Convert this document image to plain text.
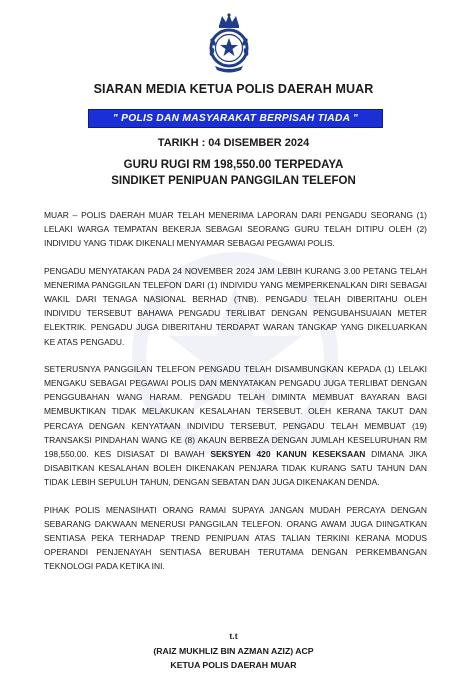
SIARAN MEDIA KETUA POLIS DAERAH MUAR
" POLIS DAN MASYARAKAT BERPISAH TIADA "
TARIKH : 04 DISEMBER 2024
GURU RUGI RM 198,550.00 TERPEDAYA
SINDIKET PENIPUAN PANGGILAN TELEFON

MUAR – POLIS DAERAH MUAR TELAH MENERIMA LAPORAN DARI PENGADU SEORANG (1) LELAKI WARGA TEMPATAN BEKERJA SEBAGAI SEORANG GURU TELAH DITIPU OLEH (2) INDIVIDU YANG TIDAK DIKENALI MENYAMAR SEBAGAI PEGAWAI POLIS.

PENGADU MENYATAKAN PADA 24 NOVEMBER 2024 JAM LEBIH KURANG 3.00 PETANG TELAH MENERIMA PANGGILAN TELEFON DARI (1) INDIVIDU YANG MEMPERKENALKAN DIRI SEBAGAI WAKIL DARI TENAGA NASIONAL BERHAD (TNB). PENGADU TELAH DIBERITAHU OLEH INDIVIDU TERSEBUT BAHAWA PENGADU TERLIBAT DENGAN PENGUBAHSUAIAN METER ELEKTRIK. PENGADU JUGA DIBERITAHU TERDAPAT WARAN TANGKAP YANG DIKELUARKAN KE ATAS PENGADU.

SETERUSNYA PANGGILAN TELEFON PENGADU TELAH DISAMBUNGKAN KEPADA (1) LELAKI MENGAKU SEBAGAI PEGAWAI POLIS DAN MENYATAKAN PENGADU JUGA TERLIBAT DENGAN PENGGUBAHAN WANG HARAM. PENGADU TELAH DIMINTA MEMBUAT BAYARAN BAGI MEMBUKTIKAN TIDAK MELAKUKAN KESALAHAN TERSEBUT. OLEH KERANA TAKUT DAN PERCAYA DENGAN KENYATAAN INDIVIDU TERSEBUT, PENGADU TELAH MEMBUAT (19) TRANSAKSI PINDAHAN WANG KE (8) AKAUN BERBEZA DENGAN JUMLAH KESELURUHAN RM 198,550.00. KES DISIASAT DI BAWAH SEKSYEN 420 KANUN KESEKSAAN DIMANA JIKA DISABITKAN KESALAHAN BOLEH DIKENAKAN PENJARA TIDAK KURANG SATU TAHUN DAN TIDAK LEBIH SEPULUH TAHUN, DENGAN SEBATAN DAN JUGA DIKENAKAN DENDA.

PIHAK POLIS MENASIHATI ORANG RAMAI SUPAYA JANGAN MUDAH PERCAYA DENGAN SEBARANG DAKWAAN MENERUSI PANGGILAN TELEFON. ORANG AWAM JUGA DIINGATKAN SENTIASA PEKA TERHADAP TREND PENIPUAN ATAS TALIAN TERKINI KERANA MODUS OPERANDI PENJENAYAH SENTIASA BERUBAH TERUTAMA DENGAN PERKEMBANGAN TEKNOLOGI PADA KETIKA INI.

t.t
(RAIZ MUKHLIZ BIN AZMAN AZIZ) ACP
KETUA POLIS DAERAH MUAR
